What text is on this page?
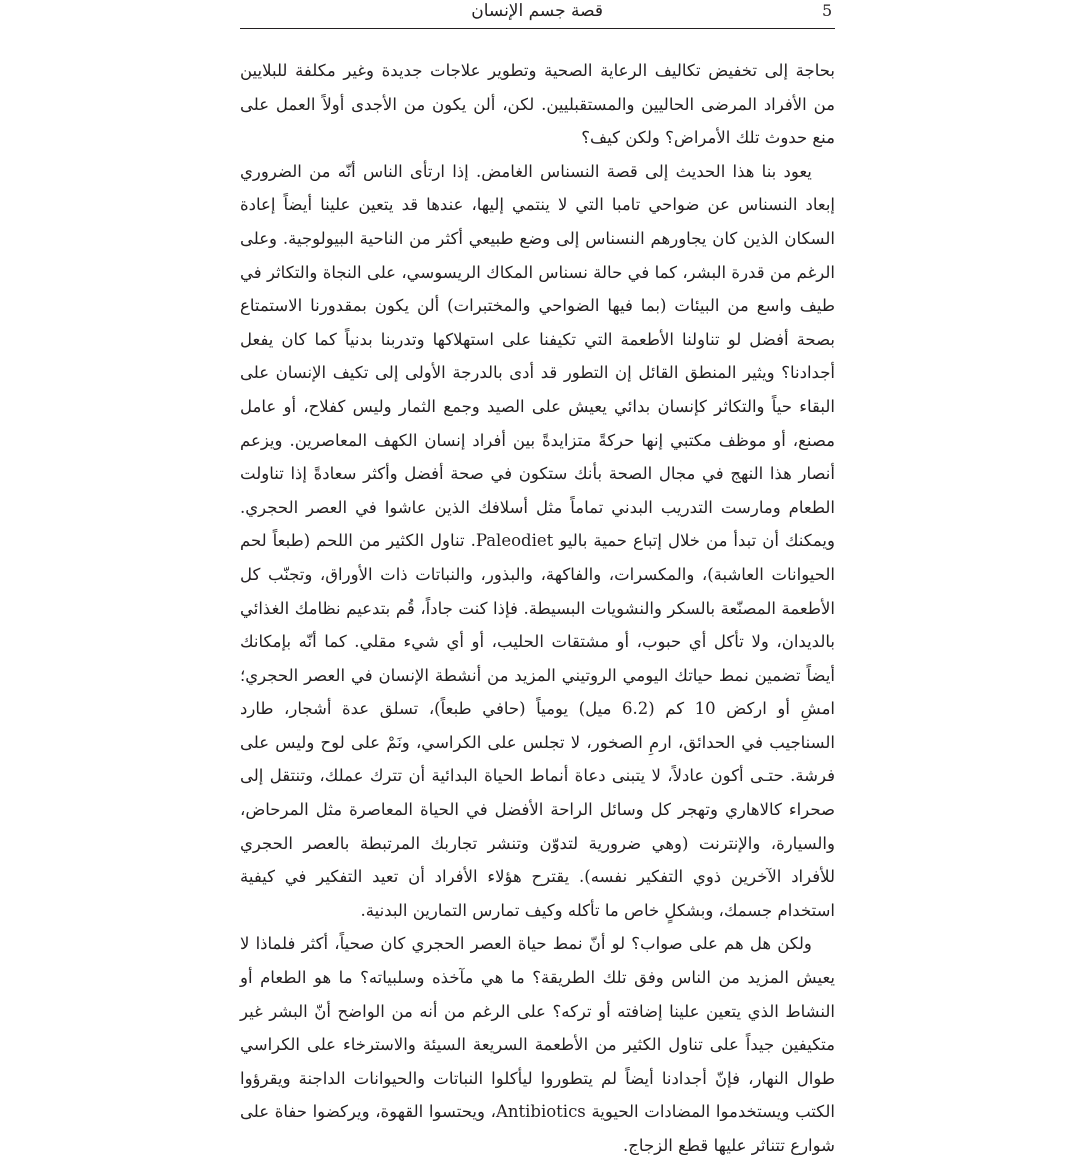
5
قصة جسم الإنسان

بحاجة إلى تخفيض تكاليف الرعاية الصحية وتطوير علاجات جديدة وغير مكلفة للبلايين من الأفراد المرضى الحاليين والمستقبليين. لكن، ألن يكون من الأجدى أولاً العمل على منع حدوث تلك الأمراض؟ ولكن كيف؟

يعود بنا هذا الحديث إلى قصة النسناس الغامض. إذا ارتأى الناس أنّه من الضروري إبعاد النسناس عن ضواحي تامبا التي لا ينتمي إليها، عندها قد يتعين علينا أيضاً إعادة السكان الذين كان يجاورهم النسناس إلى وضع طبيعي أكثر من الناحية البيولوجية. وعلى الرغم من قدرة البشر، كما في حالة نسناس المكاك الريسوسي، على النجاة والتكاثر في طيف واسع من البيئات (بما فيها الضواحي والمختبرات) ألن يكون بمقدورنا الاستمتاع بصحة أفضل لو تناولنا الأطعمة التي تكيفنا على استهلاكها وتدربنا بدنياً كما كان يفعل أجدادنا؟ ويثير المنطق القائل إن التطور قد أدى بالدرجة الأولى إلى تكيف الإنسان على البقاء حياً والتكاثر كإنسان بدائي يعيش على الصيد وجمع الثمار وليس كفلاح، أو عامل مصنع، أو موظف مكتبي إنها حركةً متزايدةً بين أفراد إنسان الكهف المعاصرين. ويزعم أنصار هذا النهج في مجال الصحة بأنك ستكون في صحة أفضل وأكثر سعادةً إذا تناولت الطعام ومارست التدريب البدني تماماً مثل أسلافك الذين عاشوا في العصر الحجري. ويمكنك أن تبدأ من خلال إتباع حمية باليو Paleodiet. تناول الكثير من اللحم (طبعاً لحم الحيوانات العاشبة)، والمكسرات، والفاكهة، والبذور، والنباتات ذات الأوراق، وتجنّب كل الأطعمة المصنّعة بالسكر والنشويات البسيطة. فإذا كنت جاداً، قُم بتدعيم نظامك الغذائي بالديدان، ولا تأكل أي حبوب، أو مشتقات الحليب، أو أي شيء مقلي. كما أنّه بإمكانك أيضاً تضمين نمط حياتك اليومي الروتيني المزيد من أنشطة الإنسان في العصر الحجري؛ امشِ أو اركض 10 كم (6.2 ميل) يومياً (حافي طبعاً)، تسلق عدة أشجار، طارد السناجيب في الحدائق، ارمِ الصخور، لا تجلس على الكراسي، ونَمْ على لوح وليس على فرشة. حتـى أكون عادلاً، لا يتبنى دعاة أنماط الحياة البدائية أن تترك عملك، وتنتقل إلى صحراء كالاهاري وتهجر كل وسائل الراحة الأفضل في الحياة المعاصرة مثل المرحاض، والسيارة، والإنترنت (وهي ضرورية لتدوّن وتنشر تجاربك المرتبطة بالعصر الحجري للأفراد الآخرين ذوي التفكير نفسه). يقترح هؤلاء الأفراد أن تعيد التفكير في كيفية استخدام جسمك، وبشكلٍ خاص ما تأكله وكيف تمارس التمارين البدنية.

ولكن هل هم على صواب؟ لو أنّ نمط حياة العصر الحجري كان صحياً، أكثر فلماذا لا يعيش المزيد من الناس وفق تلك الطريقة؟ ما هي مآخذه وسلبياته؟ ما هو الطعام أو النشاط الذي يتعين علينا إضافته أو تركه؟ على الرغم من أنه من الواضح أنّ البشر غير متكيفين جيداً على تناول الكثير من الأطعمة السريعة السيئة والاسترخاء على الكراسي طوال النهار، فإنّ أجدادنا أيضاً لم يتطوروا ليأكلوا النباتات والحيوانات الداجنة ويقرؤوا الكتب ويستخدموا المضادات الحيوية Antibiotics، ويحتسوا القهوة، ويركضوا حفاة على شوارع تتناثر عليها قطع الزجاج.
